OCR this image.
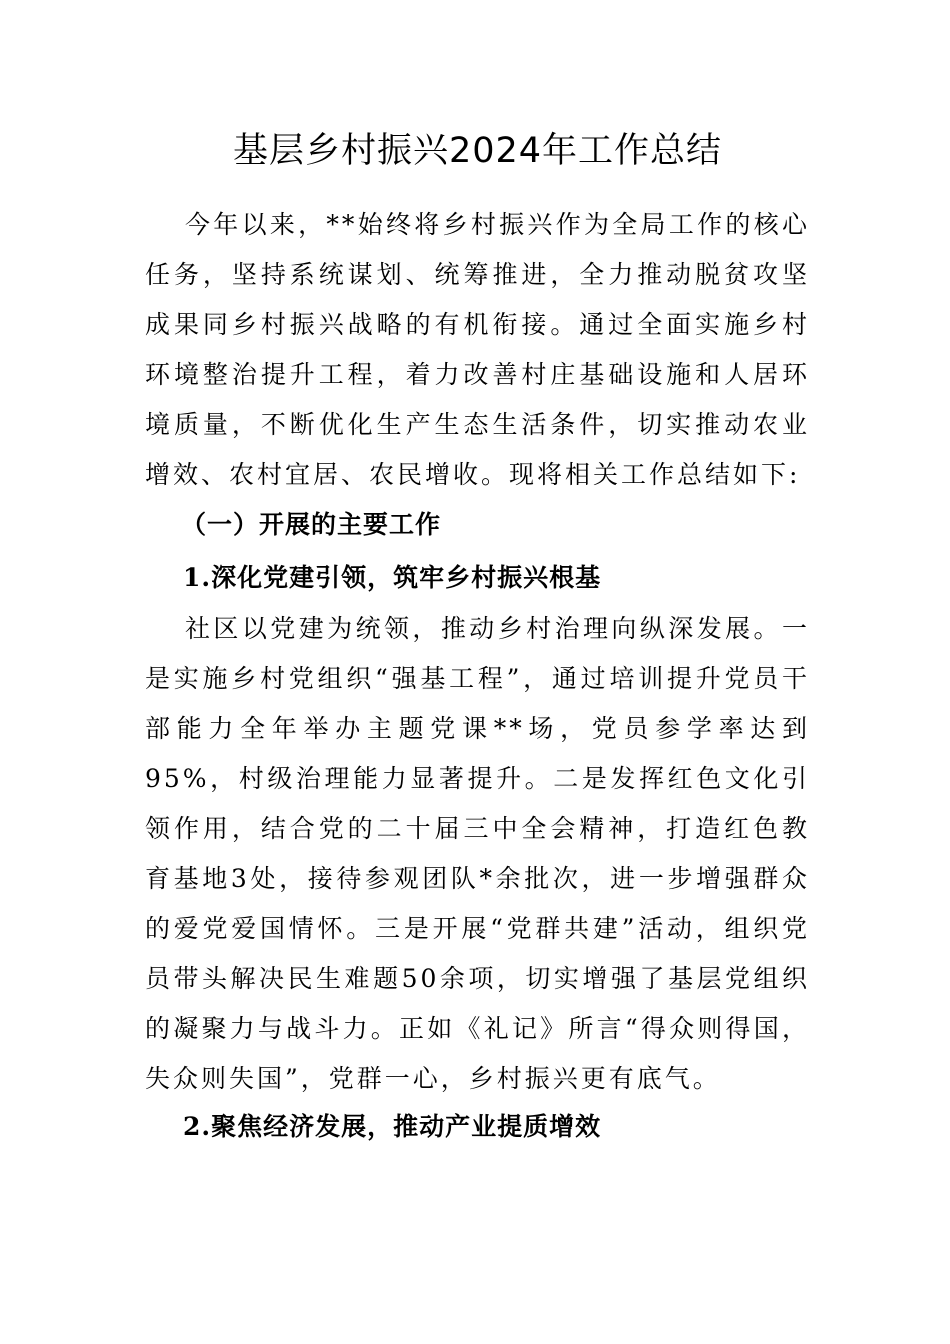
基层乡村振兴2024年工作总结

今年以来，**始终将乡村振兴作为全局工作的核心任务，坚持系统谋划、统筹推进，全力推动脱贫攻坚成果同乡村振兴战略的有机衔接。通过全面实施乡村环境整治提升工程，着力改善村庄基础设施和人居环境质量，不断优化生产生态生活条件，切实推动农业增效、农村宜居、农民增收。现将相关工作总结如下:

（一）开展的主要工作
1.深化党建引领，筑牢乡村振兴根基

社区以党建为统领，推动乡村治理向纵深发展。一是实施乡村党组织“强基工程”，通过培训提升党员干部能力全年举办主题党课**场，党员参学率达到95%，村级治理能力显著提升。二是发挥红色文化引领作用，结合党的二十届三中全会精神，打造红色教育基地3处，接待参观团队*余批次，进一步增强群众的爱党爱国情怀。三是开展“党群共建”活动，组织党员带头解决民生难题50余项，切实增强了基层党组织的凝聚力与战斗力。正如《礼记》所言“得众则得国，失众则失国”，党群一心，乡村振兴更有底气。

2.聚焦经济发展，推动产业提质增效
